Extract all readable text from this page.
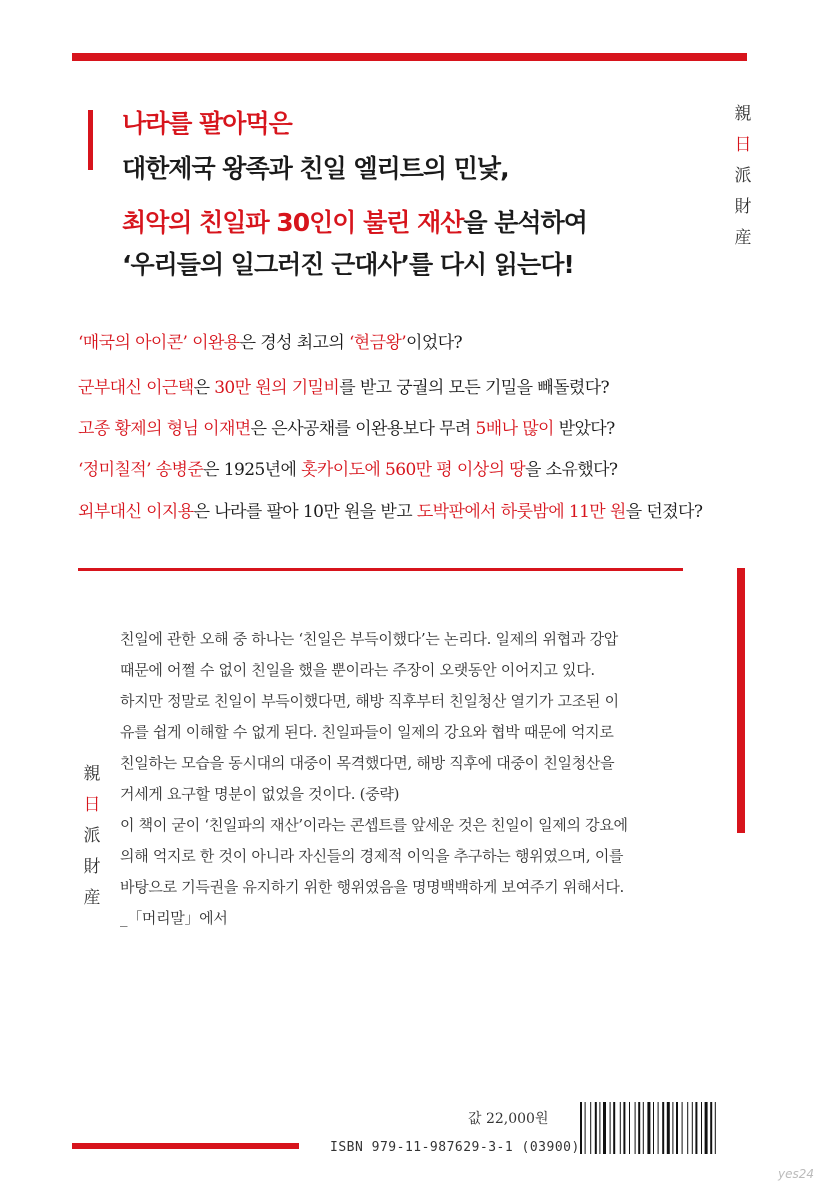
나라를 팔아먹은
대한제국 왕족과 친일 엘리트의 민낯,
최악의 친일파 30인이 불린 재산을 분석하여
‘우리들의 일그러진 근대사’를 다시 읽는다!
親
日
派
財
産
‘매국의 아이콘’ 이완용은 경성 최고의 ‘현금왕’이었다?
군부대신 이근택은 30만 원의 기밀비를 받고 궁궐의 모든 기밀을 빼돌렸다?
고종 황제의 형님 이재면은 은사공채를 이완용보다 무려 5배나 많이 받았다?
‘정미칠적’ 송병준은 1925년에 홋카이도에 560만 평 이상의 땅을 소유했다?
외부대신 이지용은 나라를 팔아 10만 원을 받고 도박판에서 하룻밤에 11만 원을 던졌다?
親
日
派
財
産

친일에 관한 오해 중 하나는 ‘친일은 부득이했다’는 논리다. 일제의 위협과 강압

때문에 어쩔 수 없이 친일을 했을 뿐이라는 주장이 오랫동안 이어지고 있다.

하지만 정말로 친일이 부득이했다면, 해방 직후부터 친일청산 열기가 고조된 이

유를 쉽게 이해할 수 없게 된다. 친일파들이 일제의 강요와 협박 때문에 억지로

친일하는 모습을 동시대의 대중이 목격했다면, 해방 직후에 대중이 친일청산을

거세게 요구할 명분이 없었을 것이다. (중략)

이 책이 굳이 ‘친일파의 재산’이라는 콘셉트를 앞세운 것은 친일이 일제의 강요에

의해 억지로 한 것이 아니라 자신들의 경제적 이익을 추구하는 행위였으며, 이를

바탕으로 기득권을 유지하기 위한 행위였음을 명명백백하게 보여주기 위해서다.

_「머리말」에서

값 22,000원
ISBN 979-11-987629-3-1 (03900)
yes24
